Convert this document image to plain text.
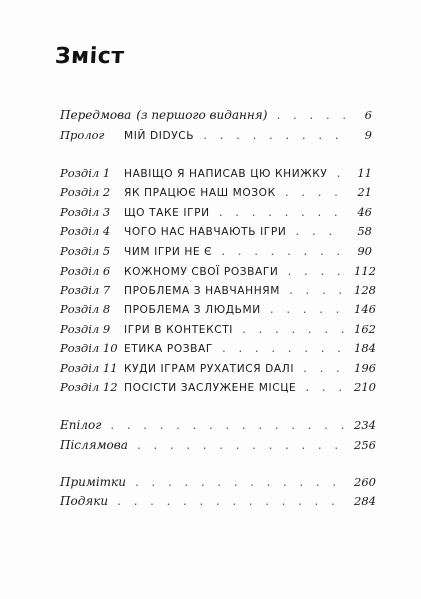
Зміст
Передмова (з першого видання) . . .	6
Пролог	МІЙ DIDУСЬ . . .	9
Розділ 1	НАВІЩО Я НАПИСАВ ЦЮ КНИЖКУ . . .	11
Розділ 2	ЯК ПРАЦЮЄ НАШ МОЗОК . . .	21
Розділ 3	ЩО ТАКЕ ІГРИ . . .	46
Розділ 4	ЧОГО НАС НАВЧАЮТЬ ІГРИ . . .	58
Розділ 5	ЧИМ ІГРИ НЕ Є . . .	90
Розділ 6	КОЖНОМУ СВОЇ РОЗВАГИ . . .	112
Розділ 7	ПРОБЛЕМА З НАВЧАННЯМ . . .	128
Розділ 8	ПРОБЛЕМА З ЛЮДЬМИ . . .	146
Розділ 9	ІГРИ В КОНТЕКСТІ . . .	162
Розділ 10 ЕТИКА РОЗВАГ . . .	184
Розділ 11 КУДИ ІГРАМ РУХАТИСЯ DАЛІ . . .	196
Розділ 12 ПОСІСТИ ЗАСЛУЖЕНЕ МІСЦЕ . . .	210
Епілог . . .	234
Післямова . . .	256
Примітки . . .	260
Подяки . . .	284
